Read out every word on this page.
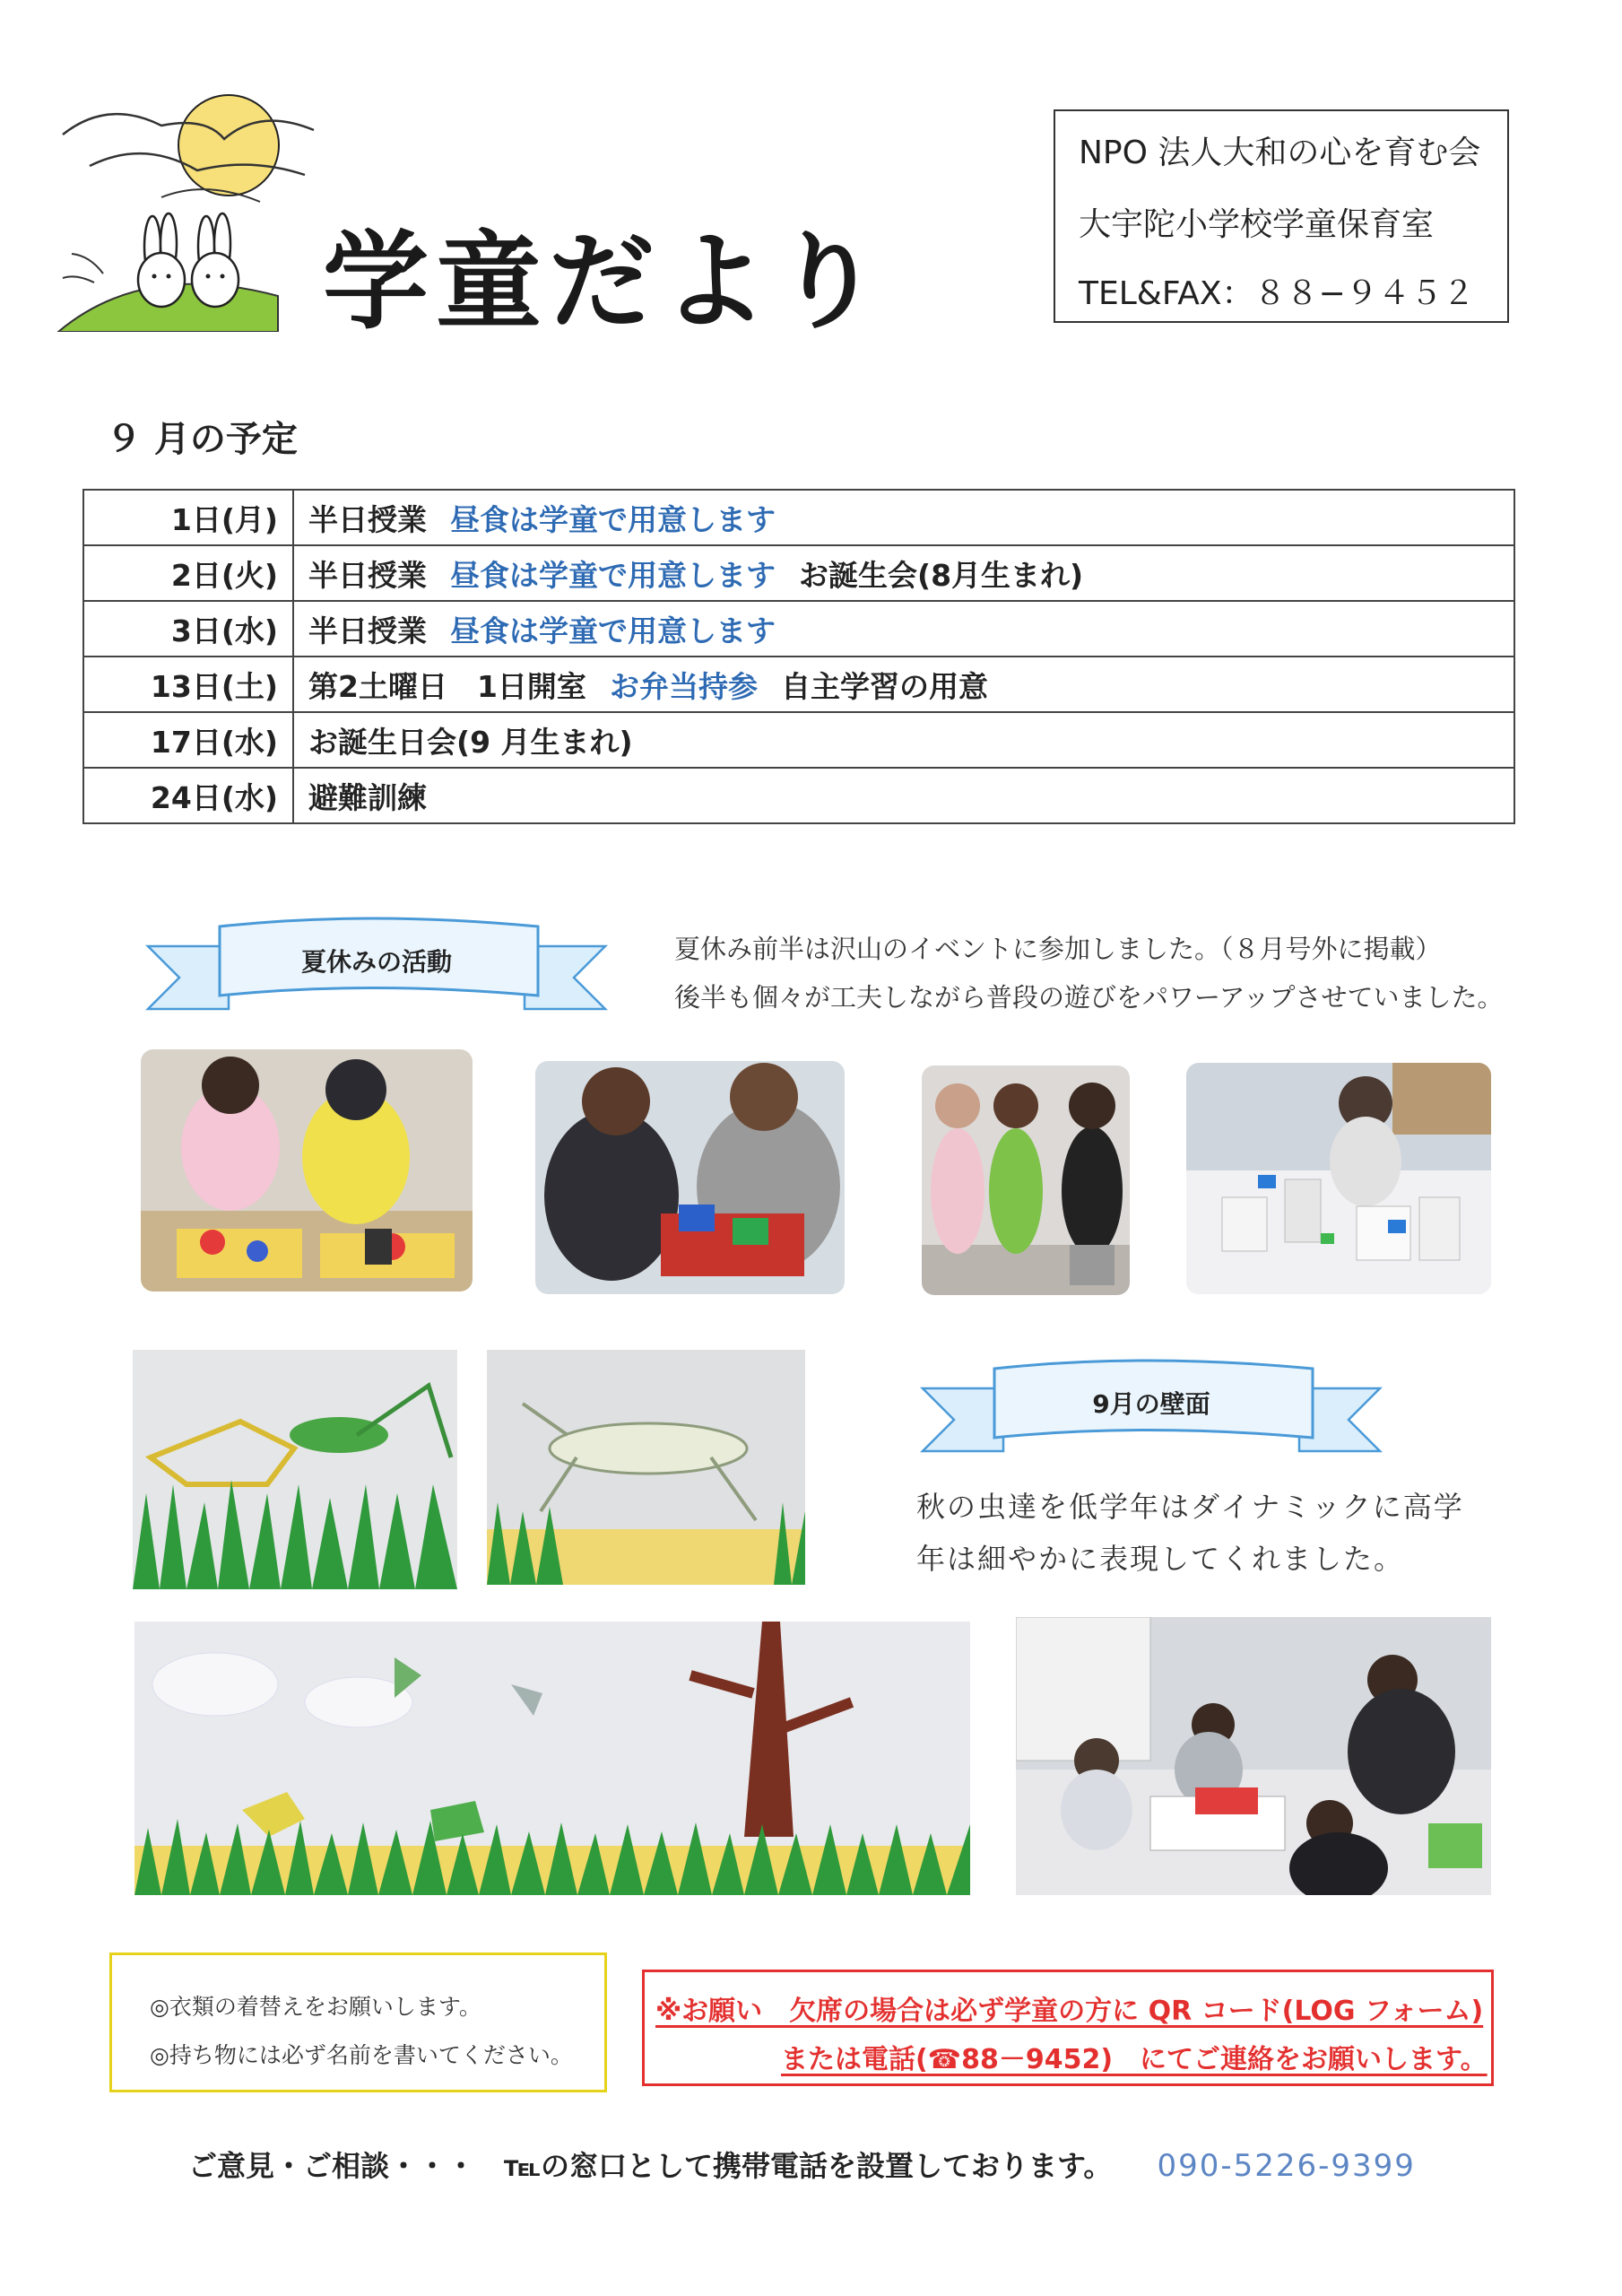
学童だより
NPO 法人大和の心を育む会
大宇陀小学校学童保育室
TEL&FAX：８８−９４５２
９ 月の予定
1日(月)	半日授業 昼食は学童で用意します
2日(火)	半日授業 昼食は学童で用意します お誕生会(8月生まれ)
3日(水)	半日授業 昼食は学童で用意します
13日(土)	第2土曜日　1日開室 お弁当持参 自主学習の用意
17日(水)	お誕生日会(9 月生まれ)
24日(水)	避難訓練
夏休みの活動	夏休み前半は沢山のイベントに参加しました。（８月号外に掲載）
後半も個々が工夫しながら普段の遊びをパワーアップさせていました。
9月の壁面
秋の虫達を低学年はダイナミックに高学
年は細やかに表現してくれました。
◎衣類の着替えをお願いします。
◎持ち物には必ず名前を書いてください。
※お願い　欠席の場合は必ず学童の方に QR コード(LOG フォーム)
または電話(☎88－9452)　にてご連絡をお願いします。
ご意見・ご相談・・・　℡の窓口として携帯電話を設置しております。 090-5226-9399
